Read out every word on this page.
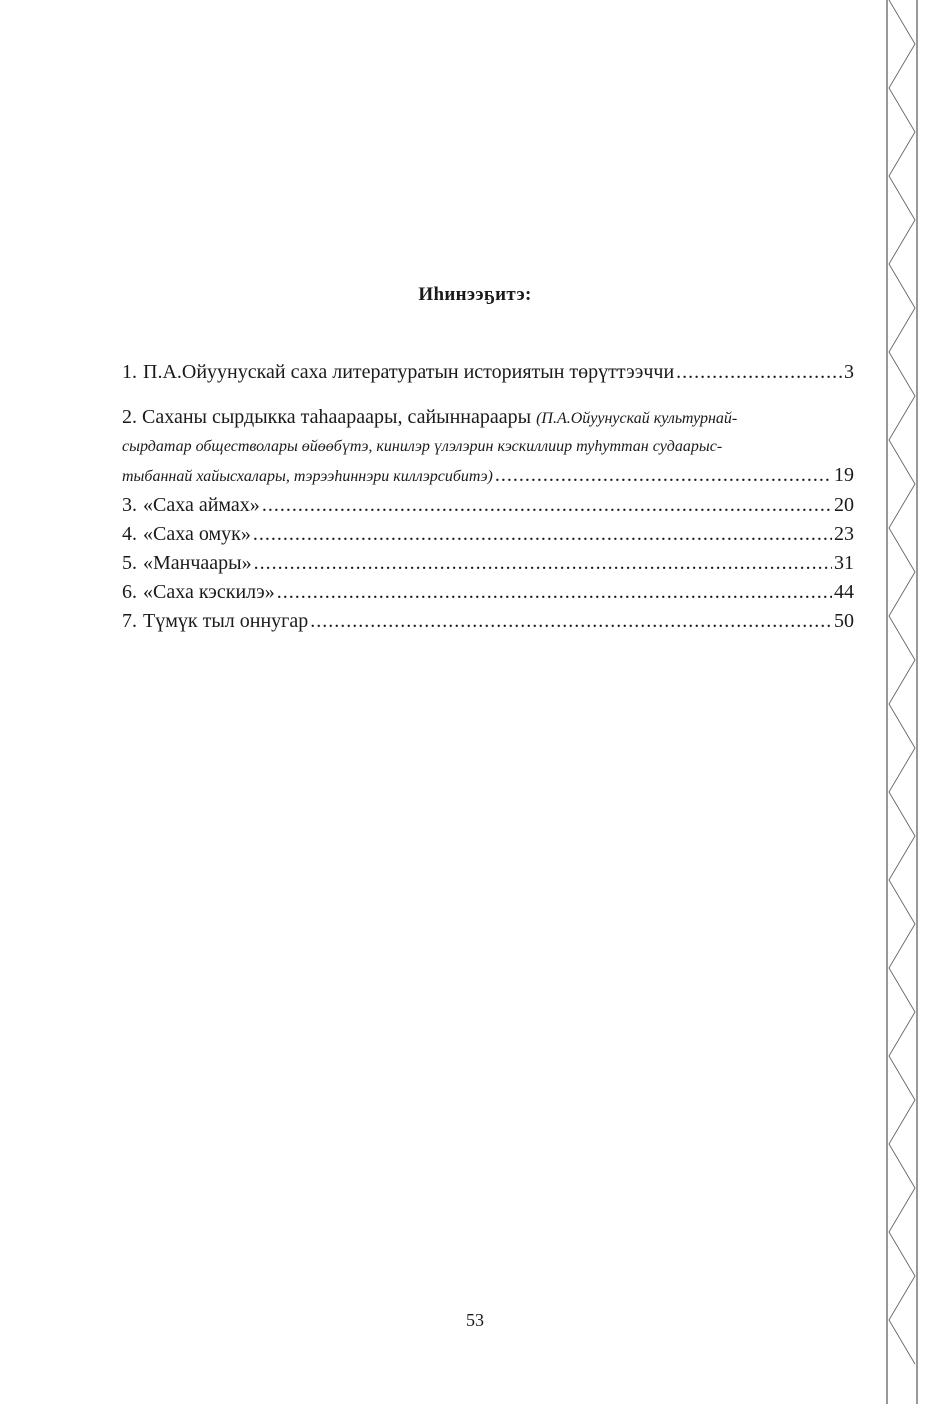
Иhинээҕитэ:
1. П.А.Ойуунускай саха литературатын историятын төрүттээччи .....	3
2. Саханы сырдыкка таhаараары, сайыннараары (П.А.Ойуунускай культурнай-
сырдатар обществолары өйөөбүтэ, кинилэр үлэлэрин кэскиллиир туhуттан судаарыс-
тыбаннай хайысхалары, тэрээhиннэри киллэрсибитэ) .....	19
3. «Саха аймах» .....	20
4. «Саха омук» .....	23
5. «Манчаары» .....	31
6. «Саха кэскилэ» .....	44
7. Түмүк тыл оннугар .....	50
53
